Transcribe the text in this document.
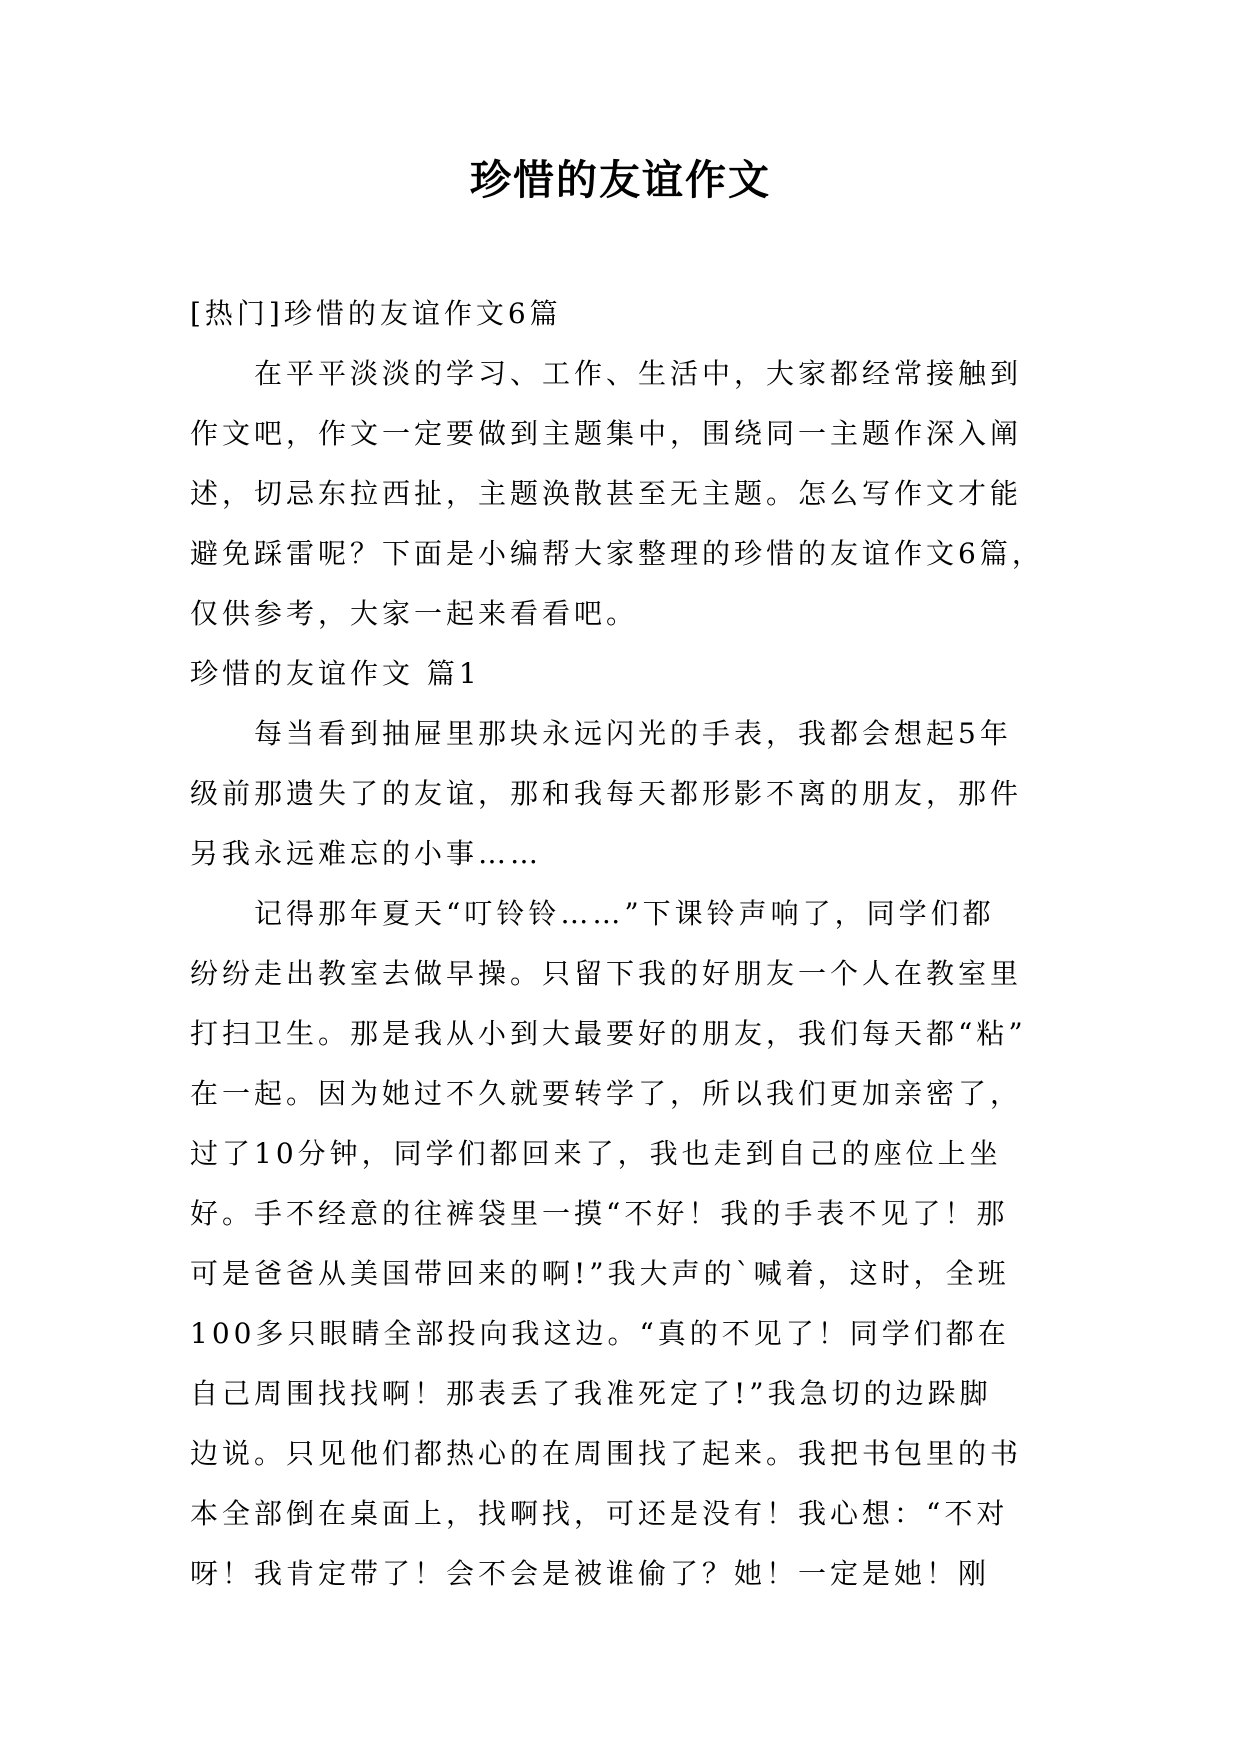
珍惜的友谊作文

[热门]珍惜的友谊作文6篇

在平平淡淡的学习、工作、生活中，大家都经常接触到

作文吧，作文一定要做到主题集中，围绕同一主题作深入阐

述，切忌东拉西扯，主题涣散甚至无主题。怎么写作文才能

避免踩雷呢？下面是小编帮大家整理的珍惜的友谊作文6篇，

仅供参考，大家一起来看看吧。

珍惜的友谊作文 篇1

每当看到抽屉里那块永远闪光的手表，我都会想起5年

级前那遗失了的友谊，那和我每天都形影不离的朋友，那件

另我永远难忘的小事……

记得那年夏天“叮铃铃……”下课铃声响了，同学们都

纷纷走出教室去做早操。只留下我的好朋友一个人在教室里

打扫卫生。那是我从小到大最要好的朋友，我们每天都“粘”

在一起。因为她过不久就要转学了，所以我们更加亲密了，

过了10分钟，同学们都回来了，我也走到自己的座位上坐

好。手不经意的往裤袋里一摸“不好！我的手表不见了！那

可是爸爸从美国带回来的啊!”我大声的`喊着，这时，全班

100多只眼睛全部投向我这边。“真的不见了！同学们都在

自己周围找找啊！那表丢了我准死定了!”我急切的边跺脚

边说。只见他们都热心的在周围找了起来。我把书包里的书

本全部倒在桌面上，找啊找，可还是没有！我心想：“不对

呀！我肯定带了！会不会是被谁偷了？她！一定是她！刚
